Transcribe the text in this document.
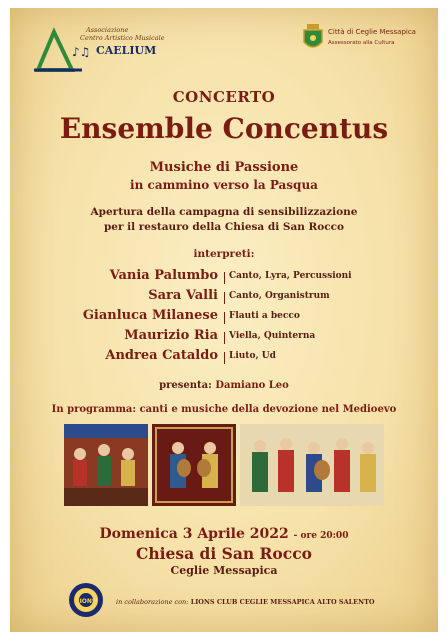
♪♫
Associazione
Centro Artistico Musicale
CAELIUM
Città di Ceglie Messapica
Assessorato alla Cultura
CONCERTO
Ensemble Concentus
Musiche di Passione
in cammino verso la Pasqua
Apertura della campagna di sensibilizzazione
per il restauro della Chiesa di San Rocco
interpreti:
Vania Palumbo Canto, Lyra, Percussioni
Sara Valli Canto, Organistrum
Gianluca Milanese Flauti a becco
Maurizio Ria Viella, Quinterna
Andrea Cataldo Liuto, Ud
presenta: Damiano Leo
In programma: canti e musiche della devozione nel Medioevo
Domenica 3 Aprile 2022 - ore 20:00
Chiesa di San Rocco
Ceglie Messapica
LIONS	in collaborazione con: LIONS CLUB CEGLIE MESSAPICA ALTO SALENTO
